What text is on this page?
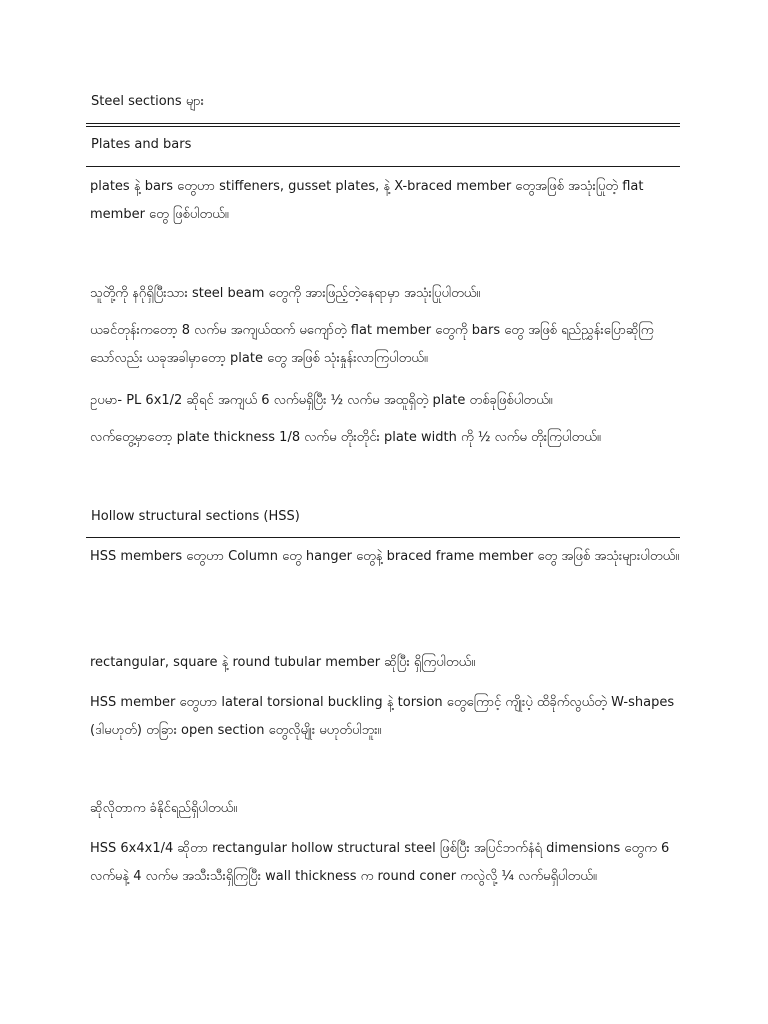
Steel sections များ
Plates and bars
plates နဲ့ bars တွေဟာ stiffeners, gusset plates, နဲ့ X-braced member တွေအဖြစ် အသုံးပြုတဲ့ flat member တွေ ဖြစ်ပါတယ်။
သူတိုဲ့ကို နဂိုရှိပြီးသား steel beam တွေကို အားဖြည့်တဲ့နေရာမှာ အသုံးပြုပါတယ်။
ယခင်တုန်းကတော့ 8 လက်မ အကျယ်ထက် မကျော်တဲ့ flat member တွေကို bars တွေ အဖြစ် ရည်ညွှန်းပြောဆိုကြသော်လည်း ယခုအခါမှာတော့ plate တွေ အဖြစ် သုံးနှုန်းလာကြပါတယ်။
ဥပမာ- PL 6x1/2 ဆိုရင် အကျယ် 6 လက်မရှိပြီး ½ လက်မ အထူရှိတဲ့ plate တစ်ခုဖြစ်ပါတယ်။
လက်တွေ့မှာတော့ plate thickness 1/8 လက်မ တိုးတိုင်း plate width ကို ½ လက်မ တိုးကြပါတယ်။
Hollow structural sections (HSS)
HSS members တွေဟာ Column တွေ hanger တွေနဲ့ braced frame member တွေ အဖြစ် အသုံးများပါတယ်။
rectangular, square နဲ့ round tubular member ဆိုပြီး ရှိကြပါတယ်။
HSS member တွေဟာ lateral torsional buckling နဲ့ torsion တွေကြောင့် ကျိုးပဲ့ ထိခိုက်လွယ်တဲ့ W-shapes (ဒါမဟုတ်) တခြား open section တွေလိုမျိုး မဟုတ်ပါဘူး။
ဆိုလိုတာက ခံနိုင်ရည်ရှိပါတယ်။
HSS 6x4x1/4 ဆိုတာ rectangular hollow structural steel ဖြစ်ပြီး အပြင်ဘက်နံရံ dimensions တွေက 6 လက်မနဲ့ 4 လက်မ အသီးသီးရှိကြပြီး wall thickness က round coner ကလွဲလို့ ¼ လက်မရှိပါတယ်။
